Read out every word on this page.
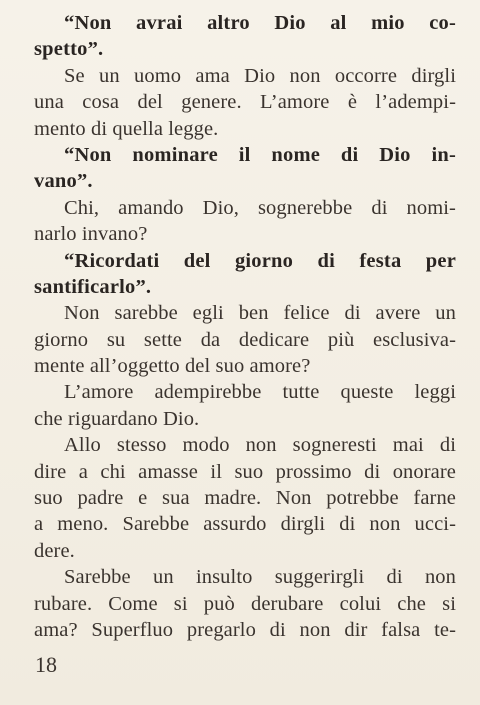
“Non avrai altro Dio al mio co-
spetto”.
Se un uomo ama Dio non occorre dirgli
una cosa del genere. L’amore è l’adempi-
mento di quella legge.
“Non nominare il nome di Dio in-
vano”.
Chi, amando Dio, sognerebbe di nomi-
narlo invano?
“Ricordati del giorno di festa per
santificarlo”.
Non sarebbe egli ben felice di avere un
giorno su sette da dedicare più esclusiva-
mente all’oggetto del suo amore?
L’amore adempirebbe tutte queste leggi
che riguardano Dio.
Allo stesso modo non sogneresti mai di
dire a chi amasse il suo prossimo di onorare
suo padre e sua madre. Non potrebbe farne
a meno. Sarebbe assurdo dirgli di non ucci-
dere.
Sarebbe un insulto suggerirgli di non
rubare. Come si può derubare colui che si
ama? Superfluo pregarlo di non dir falsa te-
18
